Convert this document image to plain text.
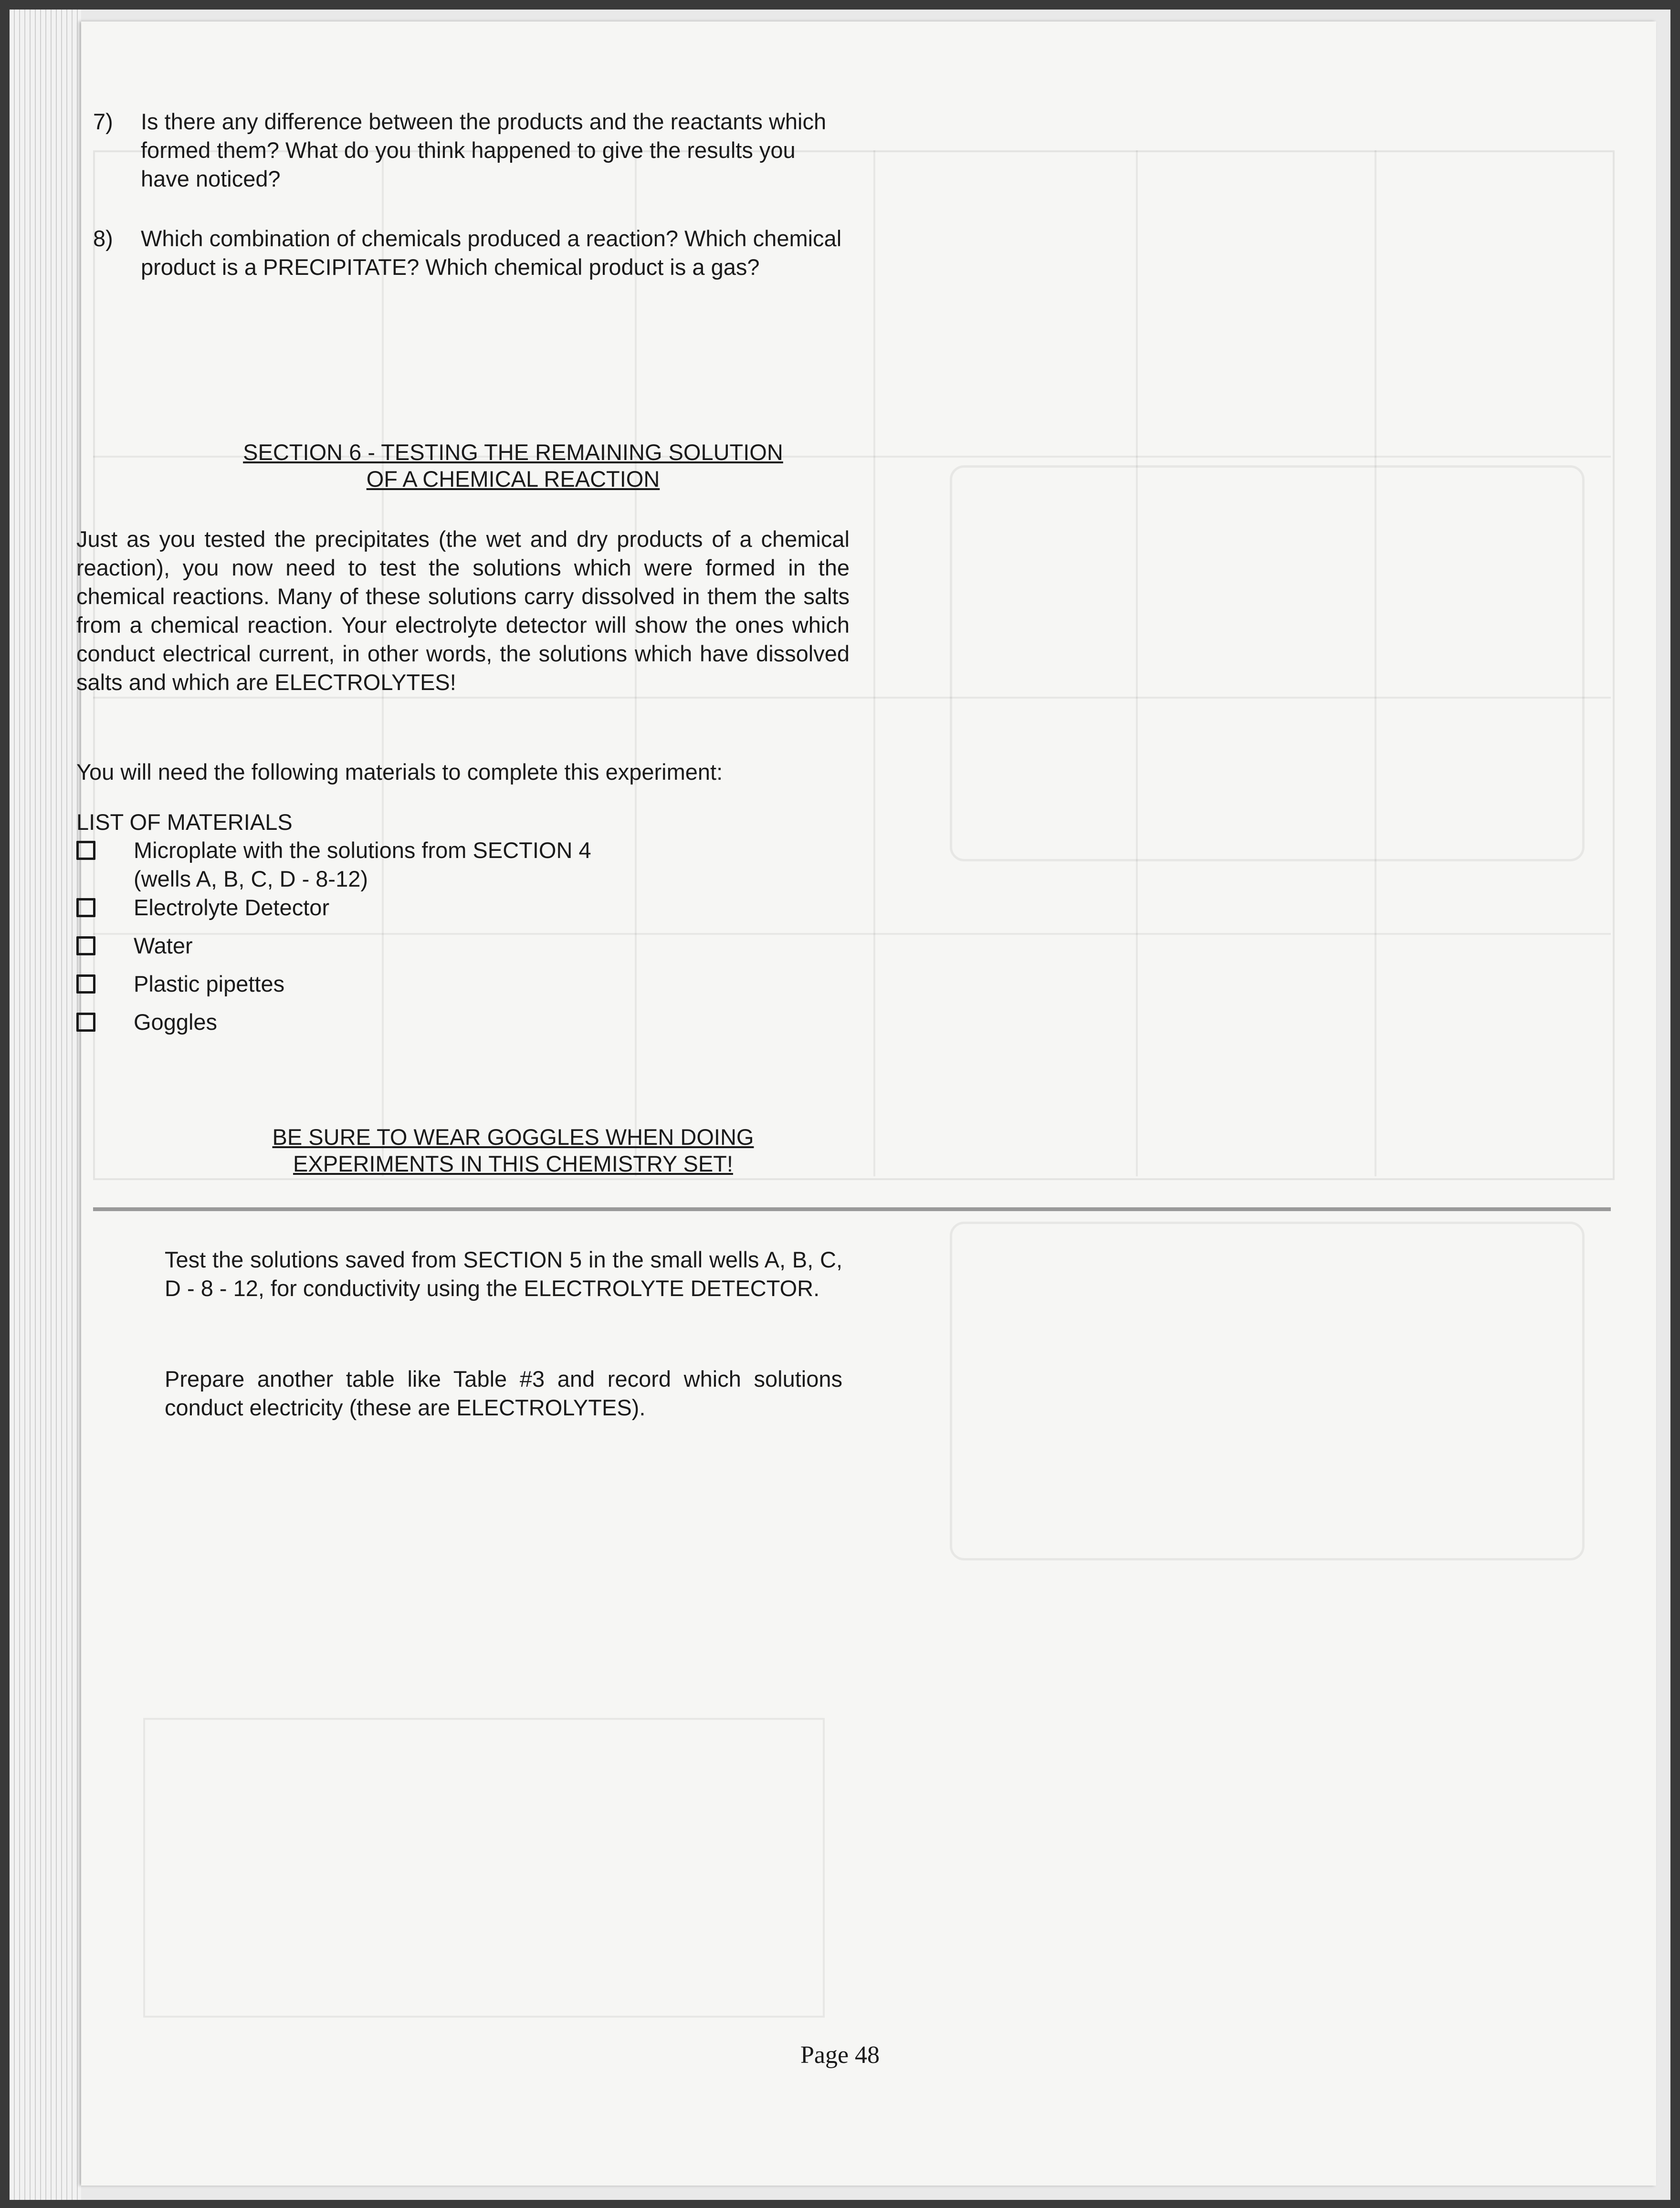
7)	Is there any difference between the products and the reactants which formed them? What do you think happened to give the results you have noticed?
8)	Which combination of chemicals produced a reaction? Which chemical product is a PRECIPITATE? Which chemical product is a gas?
SECTION 6 - TESTING THE REMAINING SOLUTION
OF A CHEMICAL REACTION
Just as you tested the precipitates (the wet and dry products of a chemical reaction), you now need to test the solutions which were formed in the chemical reactions. Many of these solutions carry dissolved in them the salts from a chemical reaction. Your electrolyte detector will show the ones which conduct electrical current, in other words, the solutions which have dissolved salts and which are ELECTROLYTES!
You will need the following materials to complete this experiment:
LIST OF MATERIALS
Microplate with the solutions from SECTION 4
(wells A, B, C, D - 8-12)
Electrolyte Detector
Water
Plastic pipettes
Goggles
BE SURE TO WEAR GOGGLES WHEN DOING
EXPERIMENTS IN THIS CHEMISTRY SET!
Test the solutions saved from SECTION 5 in the small wells A, B, C, D - 8 - 12, for conductivity using the ELECTROLYTE DETECTOR.
Prepare another table like Table #3 and record which solutions conduct electricity (these are ELECTROLYTES).
Page 48
